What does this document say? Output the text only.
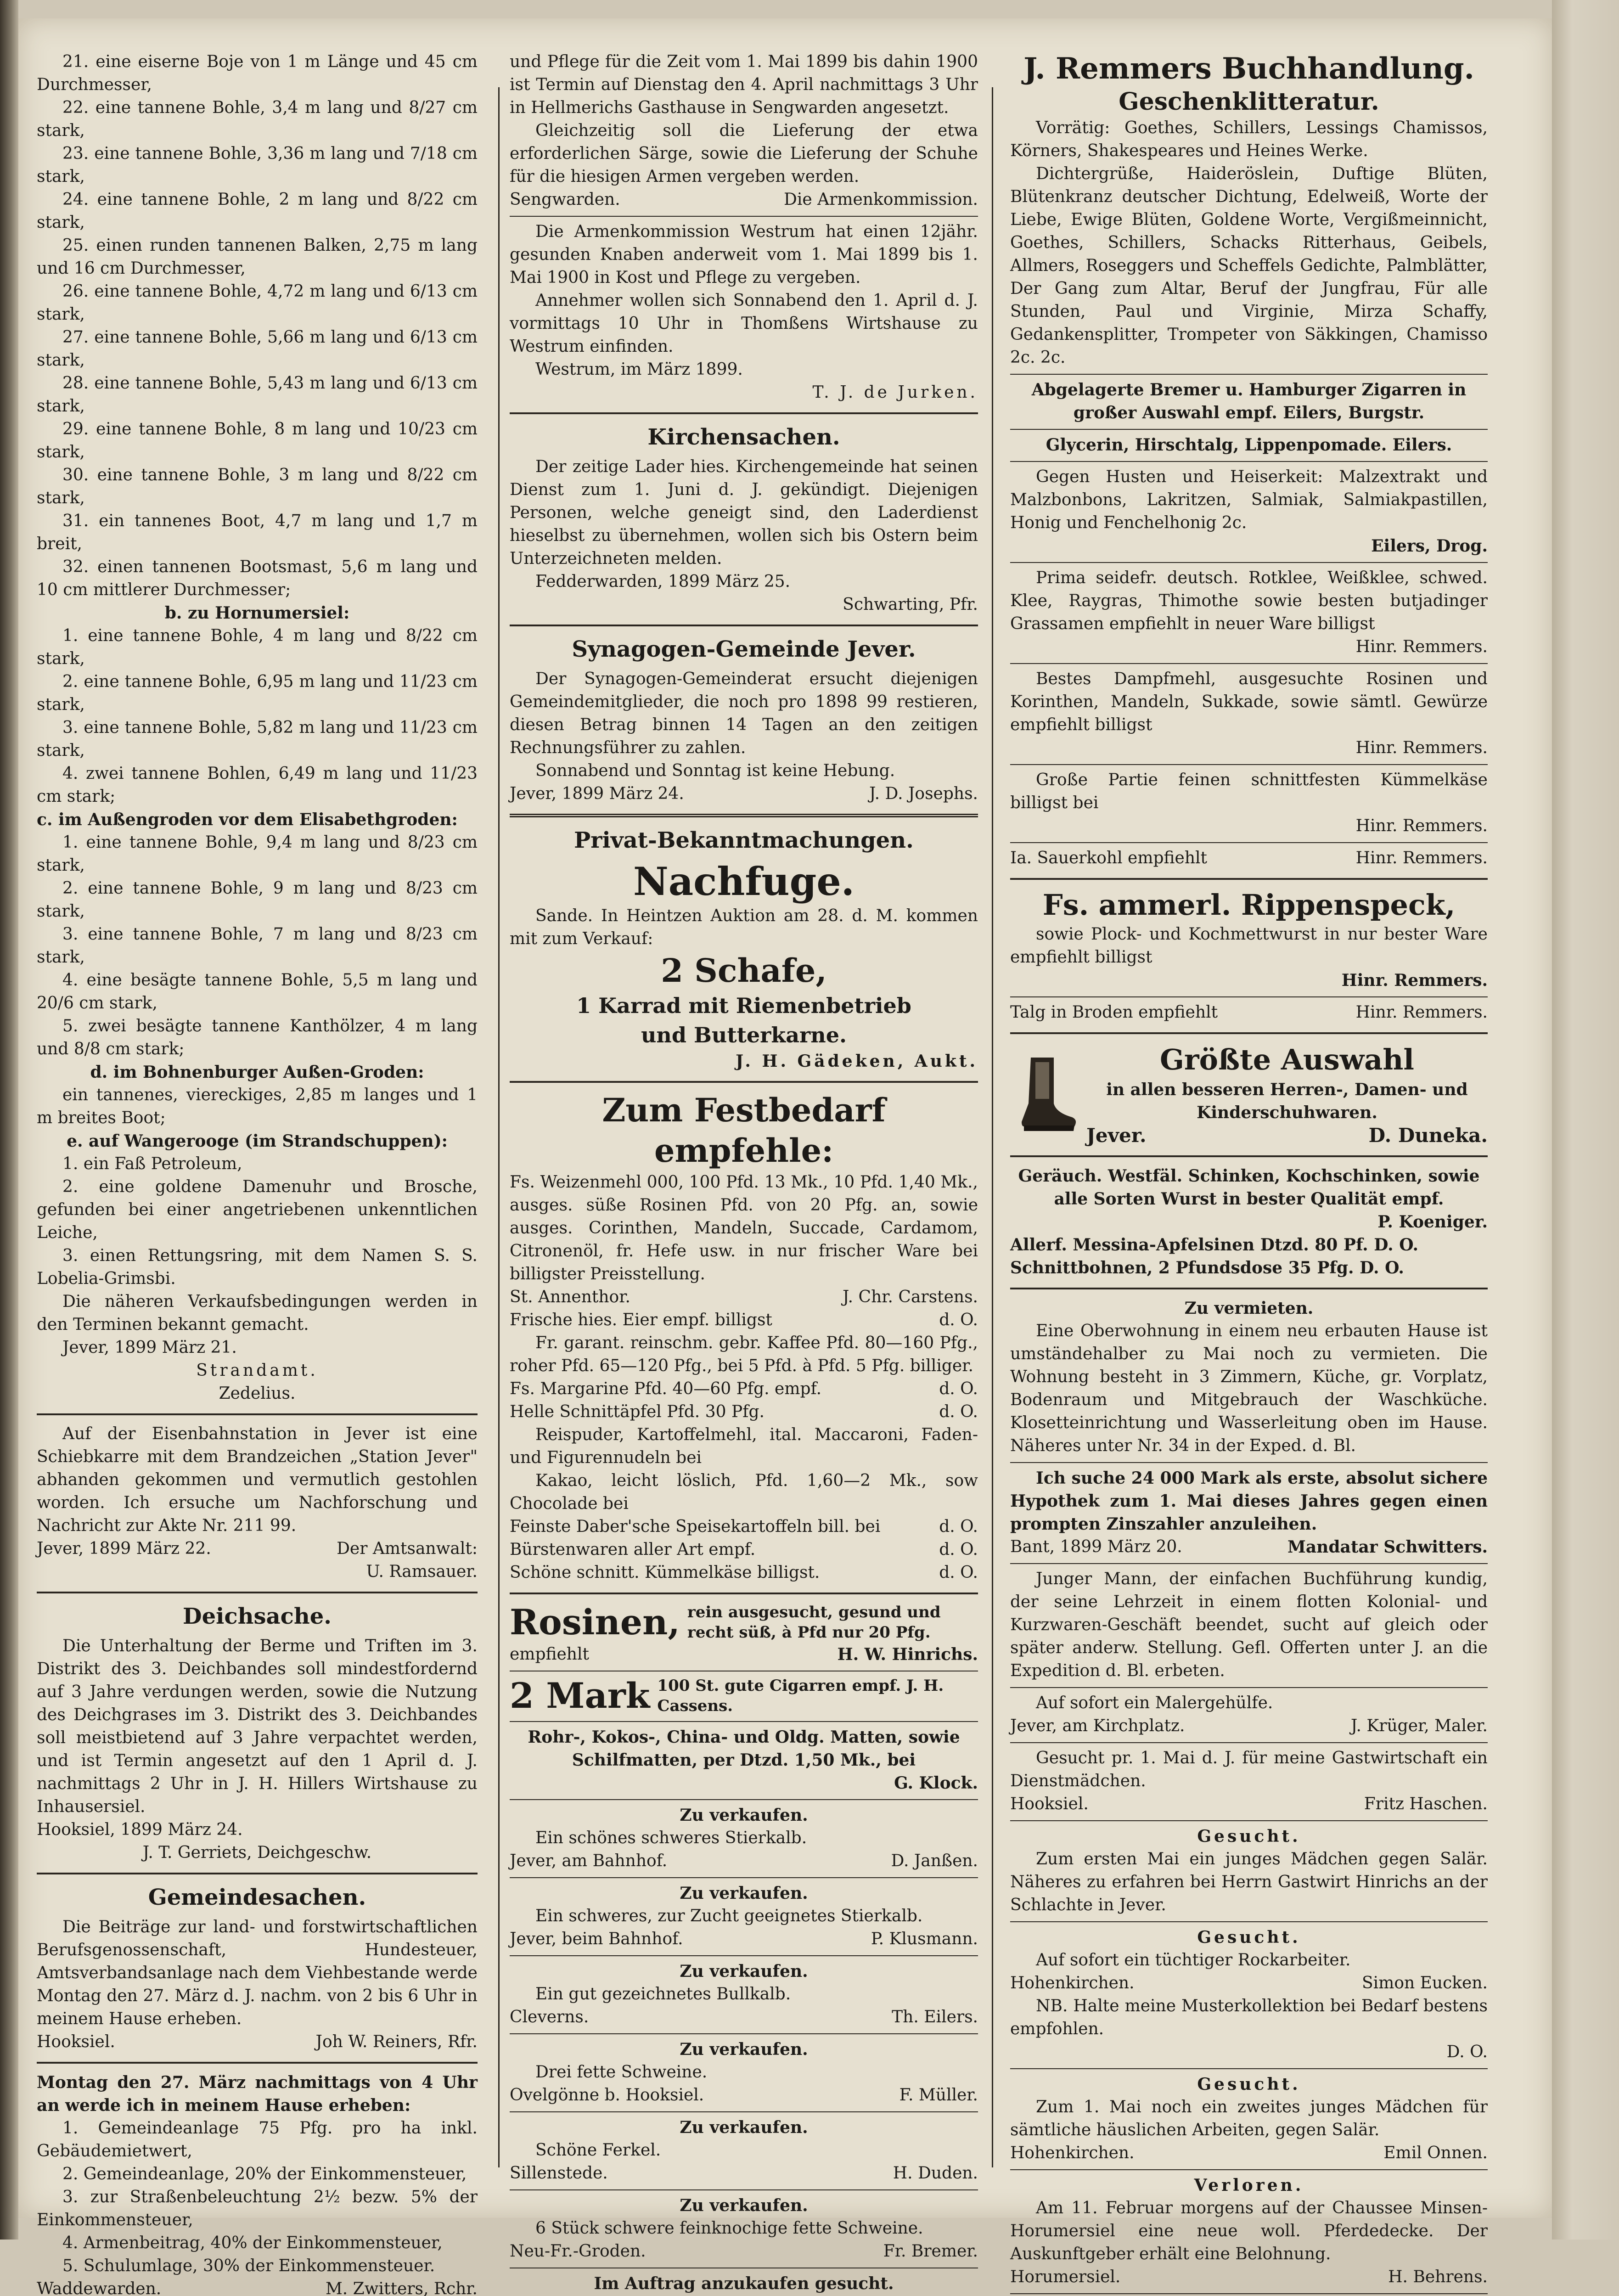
21. eine eiserne Boje von 1 m Länge und 45 cm Durchmesser,

22. eine tannene Bohle, 3,4 m lang und 8/27 cm stark,

23. eine tannene Bohle, 3,36 m lang und 7/18 cm stark,

24. eine tannene Bohle, 2 m lang und 8/22 cm stark,

25. einen runden tannenen Balken, 2,75 m lang und 16 cm Durchmesser,

26. eine tannene Bohle, 4,72 m lang und 6/13 cm stark,

27. eine tannene Bohle, 5,66 m lang und 6/13 cm stark,

28. eine tannene Bohle, 5,43 m lang und 6/13 cm stark,

29. eine tannene Bohle, 8 m lang und 10/23 cm stark,

30. eine tannene Bohle, 3 m lang und 8/22 cm stark,

31. ein tannenes Boot, 4,7 m lang und 1,7 m breit,

32. einen tannenen Bootsmast, 5,6 m lang und 10 cm mittlerer Durchmesser;

b. zu Hornumersiel:

1. eine tannene Bohle, 4 m lang und 8/22 cm stark,

2. eine tannene Bohle, 6,95 m lang und 11/23 cm stark,

3. eine tannene Bohle, 5,82 m lang und 11/23 cm stark,

4. zwei tannene Bohlen, 6,49 m lang und 11/23 cm stark;

c. im Außengroden vor dem Elisabethgroden:

1. eine tannene Bohle, 9,4 m lang und 8/23 cm stark,

2. eine tannene Bohle, 9 m lang und 8/23 cm stark,

3. eine tannene Bohle, 7 m lang und 8/23 cm stark,

4. eine besägte tannene Bohle, 5,5 m lang und 20/6 cm stark,

5. zwei besägte tannene Kanthölzer, 4 m lang und 8/8 cm stark;

d. im Bohnenburger Außen-Groden:

ein tannenes, viereckiges, 2,85 m langes und 1 m breites Boot;

e. auf Wangerooge (im Strandschuppen):

1. ein Faß Petroleum,

2. eine goldene Damenuhr und Brosche, gefunden bei einer angetriebenen unkenntlichen Leiche,

3. einen Rettungsring, mit dem Namen S. S. Lobelia-Grimsbi.

Die näheren Verkaufsbedingungen werden in den Terminen bekannt gemacht.

Jever, 1899 März 21.

Strandamt.

Zedelius.

Auf der Eisenbahnstation in Jever ist eine Schiebkarre mit dem Brandzeichen „Station Jever" abhanden gekommen und vermutlich gestohlen worden. Ich ersuche um Nachforschung und Nachricht zur Akte Nr. 211 99.

Jever, 1899 März 22.	Der Amtsanwalt:

U. Ramsauer.

Deichsache.

Die Unterhaltung der Berme und Triften im 3. Distrikt des 3. Deichbandes soll mindestfordernd auf 3 Jahre verdungen werden, sowie die Nutzung des Deichgrases im 3. Distrikt des 3. Deichbandes soll meistbietend auf 3 Jahre verpachtet werden, und ist Termin angesetzt auf den 1 April d. J. nachmittags 2 Uhr in J. H. Hillers Wirtshause zu Inhausersiel.

Hooksiel, 1899 März 24.

J. T. Gerriets, Deichgeschw.

Gemeindesachen.

Die Beiträge zur land- und forstwirtschaftlichen Berufsgenossenschaft, Hundesteuer, Amtsverbandsanlage nach dem Viehbestande werde Montag den 27. März d. J. nachm. von 2 bis 6 Uhr in meinem Hause erheben.

Hooksiel.	Joh W. Reiners, Rfr.

Montag den 27. März nachmittags von 4 Uhr an werde ich in meinem Hause erheben:

1. Gemeindeanlage 75 Pfg. pro ha inkl. Gebäudemietwert,

2. Gemeindeanlage, 20% der Einkommensteuer,

3. zur Straßenbeleuchtung 2½ bezw. 5% der Einkommensteuer,

4. Armenbeitrag, 40% der Einkommensteuer,

5. Schulumlage, 30% der Einkommensteuer.

Waddewarden.	M. Zwitters, Rchr.

und Pflege für die Zeit vom 1. Mai 1899 bis dahin 1900 ist Termin auf Dienstag den 4. April nachmittags 3 Uhr in Hellmerichs Gasthause in Sengwarden angesetzt.

Gleichzeitig soll die Lieferung der etwa erforderlichen Särge, sowie die Lieferung der Schuhe für die hiesigen Armen vergeben werden.

Sengwarden.	Die Armenkommission.

Die Armenkommission Westrum hat einen 12jähr. gesunden Knaben anderweit vom 1. Mai 1899 bis 1. Mai 1900 in Kost und Pflege zu vergeben.

Annehmer wollen sich Sonnabend den 1. April d. J. vormittags 10 Uhr in Thomßens Wirtshause zu Westrum einfinden.

Westrum, im März 1899.

T. J. de Jurken.

Kirchensachen.

Der zeitige Lader hies. Kirchengemeinde hat seinen Dienst zum 1. Juni d. J. gekündigt. Diejenigen Personen, welche geneigt sind, den Laderdienst hieselbst zu übernehmen, wollen sich bis Ostern beim Unterzeichneten melden.

Fedderwarden, 1899 März 25.

Schwarting, Pfr.

Synagogen-Gemeinde Jever.

Der Synagogen-Gemeinderat ersucht diejenigen Gemeindemitglieder, die noch pro 1898 99 restieren, diesen Betrag binnen 14 Tagen an den zeitigen Rechnungsführer zu zahlen.

Sonnabend und Sonntag ist keine Hebung.

Jever, 1899 März 24.	J. D. Josephs.
Privat-Bekanntmachungen.
Nachfuge.

Sande. In Heintzen Auktion am 28. d. M. kommen mit zum Verkauf:

2 Schafe,
1 Karrad mit Riemenbetrieb
und Butterkarne.

J. H. Gädeken, Aukt.

Zum Festbedarf empfehle:

Fs. Weizenmehl 000, 100 Pfd. 13 Mk., 10 Pfd. 1,40 Mk., ausges. süße Rosinen Pfd. von 20 Pfg. an, sowie ausges. Corinthen, Mandeln, Succade, Cardamom, Citronenöl, fr. Hefe usw. in nur frischer Ware bei billigster Preisstellung.

St. Annenthor.	J. Chr. Carstens.
Frische hies. Eier empf. billigst	d. O.

Fr. garant. reinschm. gebr. Kaffee Pfd. 80—160 Pfg., roher Pfd. 65—120 Pfg., bei 5 Pfd. à Pfd. 5 Pfg. billiger.

Fs. Margarine Pfd. 40—60 Pfg. empf.	d. O.
Helle Schnittäpfel Pfd. 30 Pfg.	d. O.

Reispuder, Kartoffelmehl, ital. Maccaroni, Faden- und Figurennudeln bei

Kakao, leicht löslich, Pfd. 1,60—2 Mk., sow Chocolade bei

Feinste Daber'sche Speisekartoffeln bill. bei	d. O.
Bürstenwaren aller Art empf.	d. O.
Schöne schnitt. Kümmelkäse billigst.	d. O.
Rosinen, rein ausgesucht, gesund und recht süß, à Pfd nur 20 Pfg.
empfiehlt	H. W. Hinrichs.
2 Mark 100 St. gute Cigarren empf. J. H. Cassens.

Rohr-, Kokos-, China- und Oldg. Matten, sowie Schilfmatten, per Dtzd. 1,50 Mk., bei

G. Klock.

Zu verkaufen.

Ein schönes schweres Stierkalb.

Jever, am Bahnhof.	D. Janßen.

Zu verkaufen.

Ein schweres, zur Zucht geeignetes Stierkalb.

Jever, beim Bahnhof.	P. Klusmann.

Zu verkaufen.

Ein gut gezeichnetes Bullkalb.

Cleverns.	Th. Eilers.

Zu verkaufen.

Drei fette Schweine.

Ovelgönne b. Hooksiel.	F. Müller.

Zu verkaufen.

Schöne Ferkel.

Sillenstede.	H. Duden.

Zu verkaufen.

6 Stück schwere feinknochige fette Schweine.

Neu-Fr.-Groden.	Fr. Bremer.

Im Auftrag anzukaufen gesucht.

J. Remmers Buchhandlung.
Geschenklitteratur.

Vorrätig: Goethes, Schillers, Lessings Chamissos, Körners, Shakespeares und Heines Werke.

Dichtergrüße, Haideröslein, Duftige Blüten, Blütenkranz deutscher Dichtung, Edelweiß, Worte der Liebe, Ewige Blüten, Goldene Worte, Vergißmeinnicht, Goethes, Schillers, Schacks Ritterhaus, Geibels, Allmers, Roseggers und Scheffels Gedichte, Palmblätter, Der Gang zum Altar, Beruf der Jungfrau, Für alle Stunden, Paul und Virginie, Mirza Schaffy, Gedankensplitter, Trompeter von Säkkingen, Chamisso 2c. 2c.

Abgelagerte Bremer u. Hamburger Zigarren in großer Auswahl empf. Eilers, Burgstr.

Glycerin, Hirschtalg, Lippenpomade. Eilers.

Gegen Husten und Heiserkeit: Malzextrakt und Malzbonbons, Lakritzen, Salmiak, Salmiakpastillen, Honig und Fenchelhonig 2c.

Eilers, Drog.

Prima seidefr. deutsch. Rotklee, Weißklee, schwed. Klee, Raygras, Thimothe sowie besten butjadinger Grassamen empfiehlt in neuer Ware billigst

Hinr. Remmers.

Bestes Dampfmehl, ausgesuchte Rosinen und Korinthen, Mandeln, Sukkade, sowie sämtl. Gewürze empfiehlt billigst

Hinr. Remmers.

Große Partie feinen schnittfesten Kümmelkäse billigst bei

Hinr. Remmers.

Ia. Sauerkohl empfiehlt	Hinr. Remmers.
Fs. ammerl. Rippenspeck,

sowie Plock- und Kochmettwurst in nur bester Ware empfiehlt billigst

Hinr. Remmers.

Talg in Broden empfiehlt	Hinr. Remmers.
Größte Auswahl

in allen besseren Herren-, Damen- und Kinderschuhwaren.

Jever.	D. Duneka.

Geräuch. Westfäl. Schinken, Kochschinken, sowie alle Sorten Wurst in bester Qualität empf.

P. Koeniger.

Allerf. Messina-Apfelsinen Dtzd. 80 Pf. D. O.

Schnittbohnen, 2 Pfundsdose 35 Pfg. D. O.

Zu vermieten.

Eine Oberwohnung in einem neu erbauten Hause ist umständehalber zu Mai noch zu vermieten. Die Wohnung besteht in 3 Zimmern, Küche, gr. Vorplatz, Bodenraum und Mitgebrauch der Waschküche. Klosetteinrichtung und Wasserleitung oben im Hause. Näheres unter Nr. 34 in der Exped. d. Bl.

Ich suche 24 000 Mark als erste, absolut sichere Hypothek zum 1. Mai dieses Jahres gegen einen prompten Zinszahler anzuleihen.

Bant, 1899 März 20.	Mandatar Schwitters.

Junger Mann, der einfachen Buchführung kundig, der seine Lehrzeit in einem flotten Kolonial- und Kurzwaren-Geschäft beendet, sucht auf gleich oder später anderw. Stellung. Gefl. Offerten unter J. an die Expedition d. Bl. erbeten.

Auf sofort ein Malergehülfe.

Jever, am Kirchplatz.	J. Krüger, Maler.

Gesucht pr. 1. Mai d. J. für meine Gastwirtschaft ein Dienstmädchen.

Hooksiel.	Fritz Haschen.

Gesucht.

Zum ersten Mai ein junges Mädchen gegen Salär. Näheres zu erfahren bei Herrn Gastwirt Hinrichs an der Schlachte in Jever.

Gesucht.

Auf sofort ein tüchtiger Rockarbeiter.

Hohenkirchen.	Simon Eucken.

NB. Halte meine Musterkollektion bei Bedarf bestens empfohlen.

D. O.

Gesucht.

Zum 1. Mai noch ein zweites junges Mädchen für sämtliche häuslichen Arbeiten, gegen Salär.

Hohenkirchen.	Emil Onnen.

Verloren.

Am 11. Februar morgens auf der Chaussee Minsen-Horumersiel eine neue woll. Pferdedecke. Der Auskunftgeber erhält eine Belohnung.

Horumersiel.	H. Behrens.
